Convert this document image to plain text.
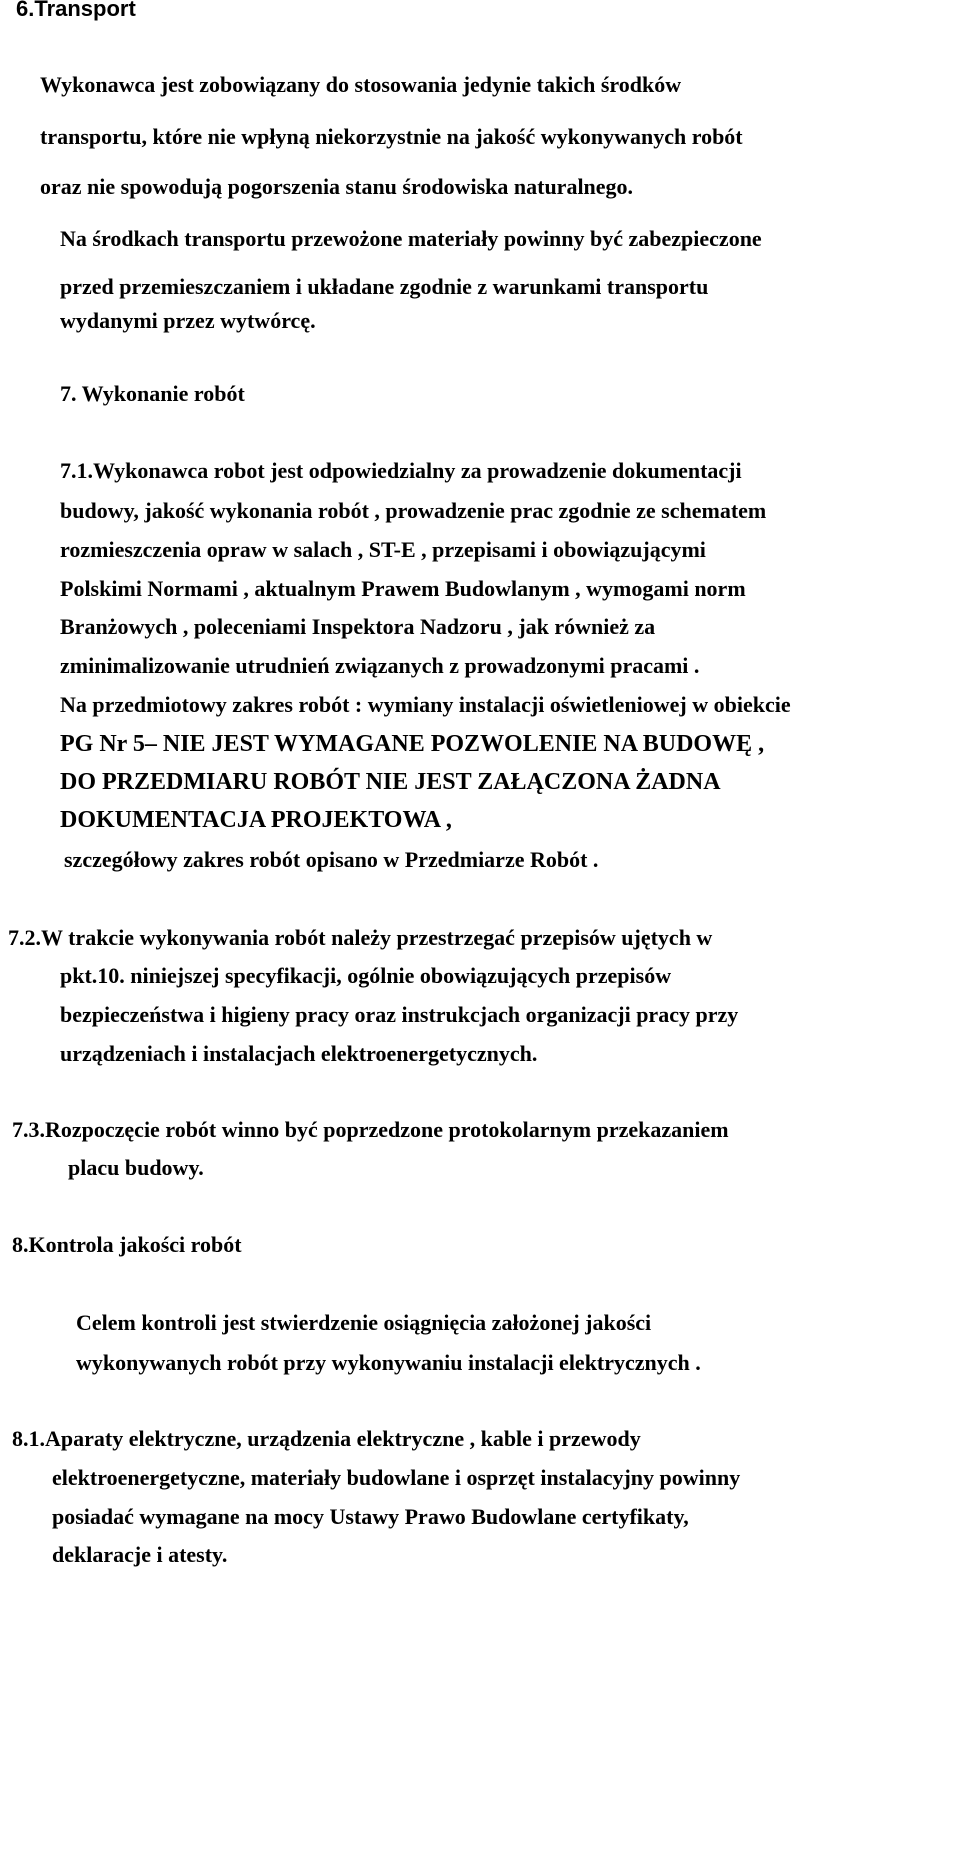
6.Transport
Wykonawca jest zobowiązany do stosowania jedynie takich środków
transportu, które nie wpłyną niekorzystnie na jakość wykonywanych robót
oraz nie spowodują pogorszenia stanu środowiska naturalnego.
Na środkach transportu przewożone materiały powinny być zabezpieczone
przed przemieszczaniem i układane zgodnie z warunkami transportu
wydanymi przez wytwórcę.
7. Wykonanie robót
7.1.Wykonawca robot jest odpowiedzialny za prowadzenie dokumentacji
budowy, jakość wykonania robót , prowadzenie prac zgodnie ze schematem
rozmieszczenia opraw w salach , ST-E , przepisami i obowiązującymi
Polskimi Normami , aktualnym Prawem Budowlanym , wymogami norm
Branżowych , poleceniami Inspektora Nadzoru , jak również za
zminimalizowanie utrudnień związanych z prowadzonymi pracami .
Na przedmiotowy zakres robót : wymiany instalacji oświetleniowej w obiekcie
PG Nr 5– NIE JEST WYMAGANE POZWOLENIE NA BUDOWĘ ,
DO PRZEDMIARU ROBÓT NIE JEST ZAŁĄCZONA ŻADNA
DOKUMENTACJA PROJEKTOWA ,
szczegółowy zakres robót opisano w Przedmiarze Robót .
7.2.W trakcie wykonywania robót należy przestrzegać przepisów ujętych w
pkt.10. niniejszej specyfikacji, ogólnie obowiązujących przepisów
bezpieczeństwa i higieny pracy oraz instrukcjach organizacji pracy przy
urządzeniach i instalacjach elektroenergetycznych.
7.3.Rozpoczęcie robót winno być poprzedzone protokolarnym przekazaniem
placu budowy.
8.Kontrola jakości robót
Celem kontroli jest stwierdzenie osiągnięcia założonej jakości
wykonywanych robót przy wykonywaniu instalacji elektrycznych .
8.1.Aparaty elektryczne, urządzenia elektryczne , kable i przewody
elektroenergetyczne, materiały budowlane i osprzęt instalacyjny powinny
posiadać wymagane na mocy Ustawy Prawo Budowlane certyfikaty,
deklaracje i atesty.
